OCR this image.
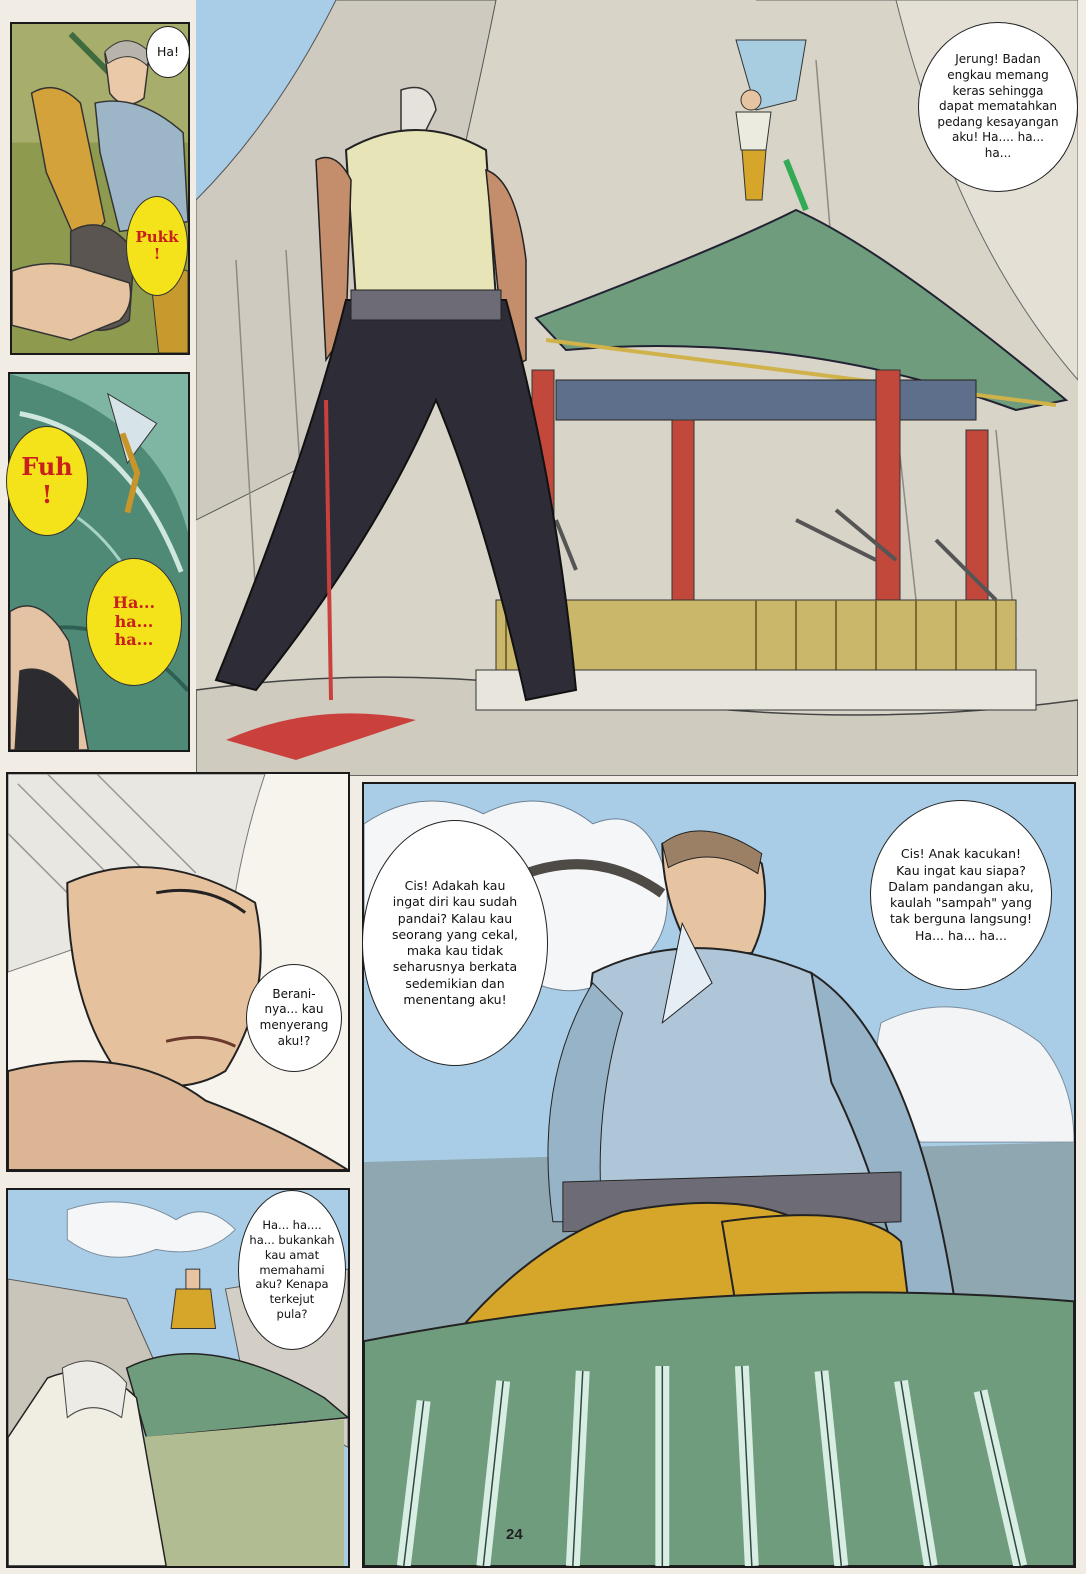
Ha!
Pukk
!
Fuh
!
Ha...
ha...
ha...
Jerung! Badan
engkau memang
keras sehingga
dapat mematahkan
pedang kesayangan
aku! Ha.... ha...
ha...
Berani-
nya... kau
menyerang
aku!?
Cis! Adakah kau
ingat diri kau sudah
pandai? Kalau kau
seorang yang cekal,
maka kau tidak
seharusnya berkata
sedemikian dan
menentang aku!
Cis! Anak kacukan!
Kau ingat kau siapa?
Dalam pandangan aku,
kaulah "sampah" yang
tak berguna langsung!
Ha... ha... ha...
Ha... ha....
ha... bukankah
kau amat
memahami
aku? Kenapa
terkejut
pula?
24
